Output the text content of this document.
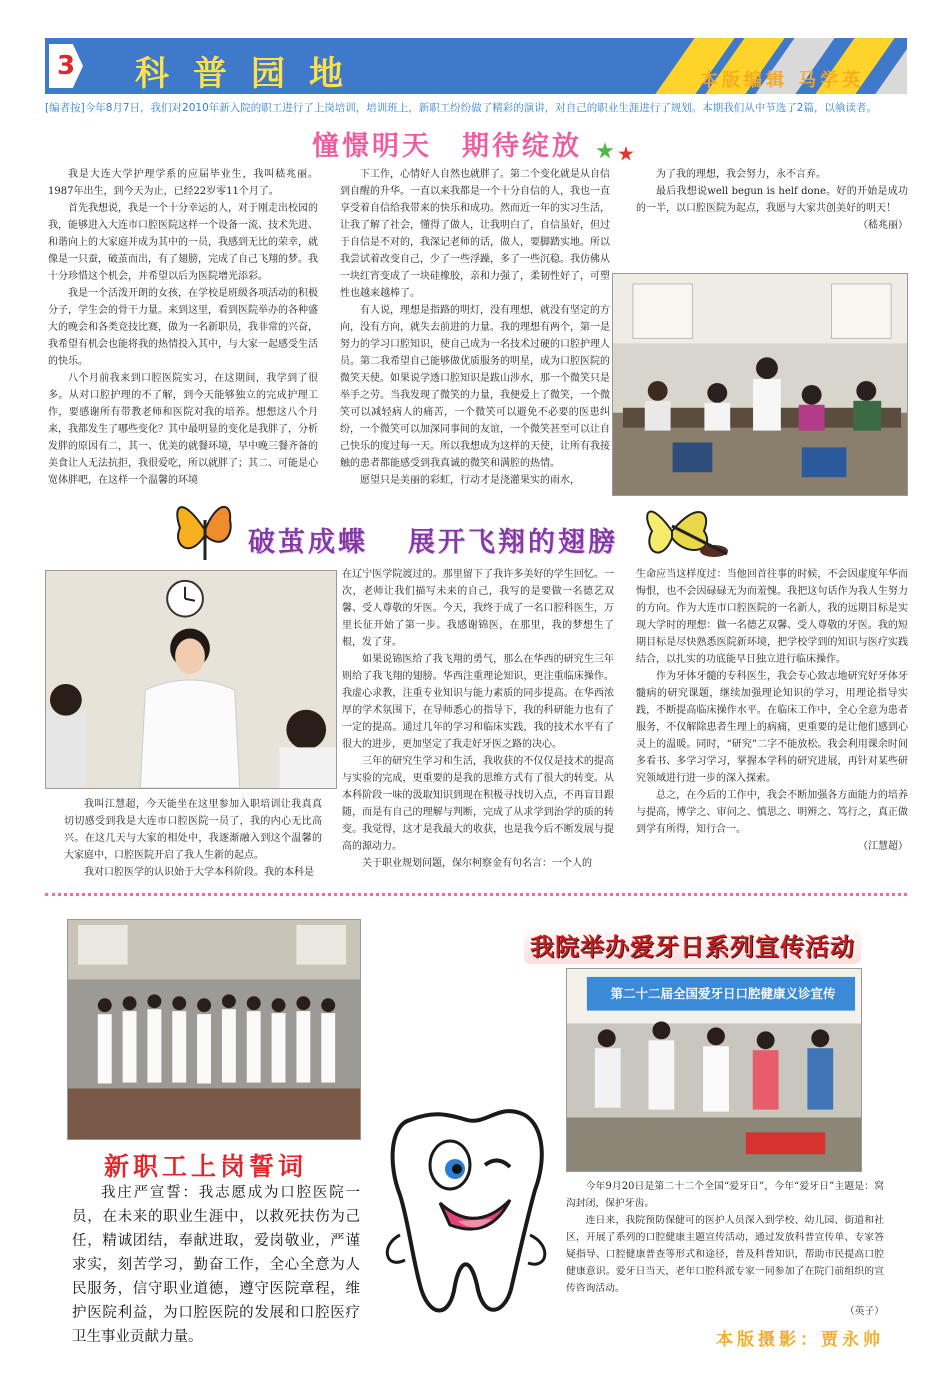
3 科普园地	本版编辑 马学英
[编者按]今年8月7日，我们对2010年新入院的职工进行了上岗培训，培训班上，新职工纷纷做了精彩的演讲，对自己的职业生涯进行了规划。本期我们从中节选了2篇，以飨读者。
憧憬明天 期待绽放

我是大连大学护理学系的应届毕业生，我叫嵇兆丽。1987年出生，到今天为止，已经22岁零11个月了。

首先我想说，我是一个十分幸运的人，对于刚走出校园的我，能够进入大连市口腔医院这样一个设备一流、技术先进、和谐向上的大家庭并成为其中的一员，我感到无比的荣幸，就像是一只蚕，破茧而出，有了翅膀，完成了自己飞翔的梦。我十分珍惜这个机会，并希望以后为医院增光添彩。

我是一个活泼开朗的女孩，在学校是班级各项活动的积极分子，学生会的骨干力量。来到这里，看到医院举办的各种盛大的晚会和各类竞技比赛，做为一名新职员，我非常的兴奋，我希望有机会也能将我的热情投入其中，与大家一起感受生活的快乐。

八个月前我来到口腔医院实习，在这期间，我学到了很多。从对口腔护理的不了解，到今天能够独立的完成护理工作，要感谢所有带教老师和医院对我的培养。想想这八个月来，我都发生了哪些变化？其中最明显的变化是我胖了，分析发胖的原因有二，其一、优美的就餐环境，早中晚三餐齐备的美食让人无法抗拒，我很爱吃，所以就胖了；其二、可能是心宽体胖吧，在这样一个温馨的环境

下工作，心情好人自然也就胖了。第二个变化就是从自信到自醒的升华。一直以来我都是一个十分自信的人，我也一直享受着自信给我带来的快乐和成功。然而近一年的实习生活，让我了解了社会，懂得了做人，让我明白了，自信虽好，但过于自信是不对的，我深记老师的话，做人，要脚踏实地。所以我尝试着改变自己，少了一些浮躁，多了一些沉稳。我仿佛从一块红宵变成了一块硅橡胶，亲和力强了，柔韧性好了，可塑性也越来越棒了。

有人说，理想是指路的明灯，没有理想，就没有坚定的方向，没有方向，就失去前进的力量。我的理想有两个，第一是努力的学习口腔知识，使自己成为一名技术过硬的口腔护理人员。第二我希望自己能够做优质服务的明星，成为口腔医院的微笑天使。如果说学透口腔知识是跋山涉水，那一个微笑只是举手之劳。当我发现了微笑的力量，我便爱上了微笑，一个微笑可以减轻病人的痛苦，一个微笑可以避免不必要的医患纠纷，一个微笑可以加深同事间的友谊，一个微笑甚至可以让自己快乐的度过每一天。所以我想成为这样的天使，让所有我接触的患者都能感受到我真诚的微笑和满腔的热情。

愿望只是美丽的彩虹，行动才是浇灌果实的雨水，

为了我的理想，我会努力，永不言弃。

最后我想说well begun is helf done。好的开始是成功的一半，以口腔医院为起点，我愿与大家共创美好的明天！

（嵇兆丽）

破茧成蝶 展开飞翔的翅膀

我叫江慧超，今天能坐在这里参加入职培训让我真真切切感受到我是大连市口腔医院一员了，我的内心无比高兴。在这几天与大家的相处中，我逐渐融入到这个温馨的大家庭中，口腔医院开启了我人生新的起点。

我对口腔医学的认识始于大学本科阶段。我的本科是

在辽宁医学院渡过的。那里留下了我许多美好的学生回忆。一次，老师让我们描写未来的自己，我写的是要做一名德艺双馨、受人尊敬的牙医。今天，我终于成了一名口腔科医生，万里长征开始了第一步。我感谢锦医，在那里，我的梦想生了根，发了芽。

如果说锦医给了我飞翔的勇气，那么在华西的研究生三年则给了我飞翔的翅膀。华西注重理论知识，更注重临床操作。我虚心求教，注重专业知识与能力素质的同步提高。在华西浓厚的学术氛围下，在导师悉心的指导下，我的科研能力也有了一定的提高。通过几年的学习和临床实践，我的技术水平有了很大的进步，更加坚定了我走好牙医之路的决心。

三年的研究生学习和生活，我收获的不仅仅是技术的提高与实验的完成，更重要的是我的思维方式有了很大的转变。从本科阶段一味的汲取知识到现在积极寻找切入点，不再盲目跟随，而是有自己的理解与判断，完成了从求学到治学的质的转变。我觉得，这才是我最大的收获，也是我今后不断发展与提高的源动力。

关于职业规划问题，保尔柯察金有句名言：一个人的

生命应当这样度过：当他回首往事的时候，不会因虚度年华而悔恨，也不会因碌碌无为而羞愧。我把这句话作为我人生努力的方向。作为大连市口腔医院的一名新人，我的远期目标是实现大学时的理想：做一名德艺双馨、受人尊敬的牙医。我的短期目标是尽快熟悉医院新环境，把学校学到的知识与医疗实践结合，以扎实的功底能早日独立进行临床操作。

作为牙体牙髓的专科医生，我会专心致志地研究好牙体牙髓病的研究课题，继续加强理论知识的学习，用理论指导实践，不断提高临床操作水平。在临床工作中，全心全意为患者服务，不仅解除患者生理上的病痛，更重要的是让他们感到心灵上的温暖。同时，“研究”二字不能放松。我会利用课余时间多看书、多学习学习，掌握本学科的研究进展，再针对某些研究领域进行进一步的深入探索。

总之，在今后的工作中，我会不断加强各方面能力的培养与提高，博学之、审问之、慎思之、明辨之、笃行之，真正做到学有所得，知行合一。

（江慧超）

新职工上岗誓词

我庄严宣誓：我志愿成为口腔医院一员，在未来的职业生涯中，以救死扶伤为己任，精诚团结，奉献进取，爱岗敬业，严谨求实，刻苦学习，勤奋工作，全心全意为人民服务，信守职业道德，遵守医院章程，维护医院利益，为口腔医院的发展和口腔医疗卫生事业贡献力量。

我院举办爱牙日系列宣传活动
第二十二届全国爱牙日口腔健康义诊宣传

今年9月20日是第二十二个全国“爱牙日”，今年“爱牙日”主题是：窝沟封闭，保护牙齿。

连日来，我院预防保健可的医护人员深入到学校、幼儿园、街道和社区，开展了系列的口腔健康主题宣传活动，通过发放科普宣传单、专家答疑指导、口腔健康普查等形式和途径，普及科普知识，帮助市民提高口腔健康意识。爱牙日当天，老年口腔科派专家一同参加了在院门前组织的宣传咨询活动。

（英子）

本版摄影：贾永帅
